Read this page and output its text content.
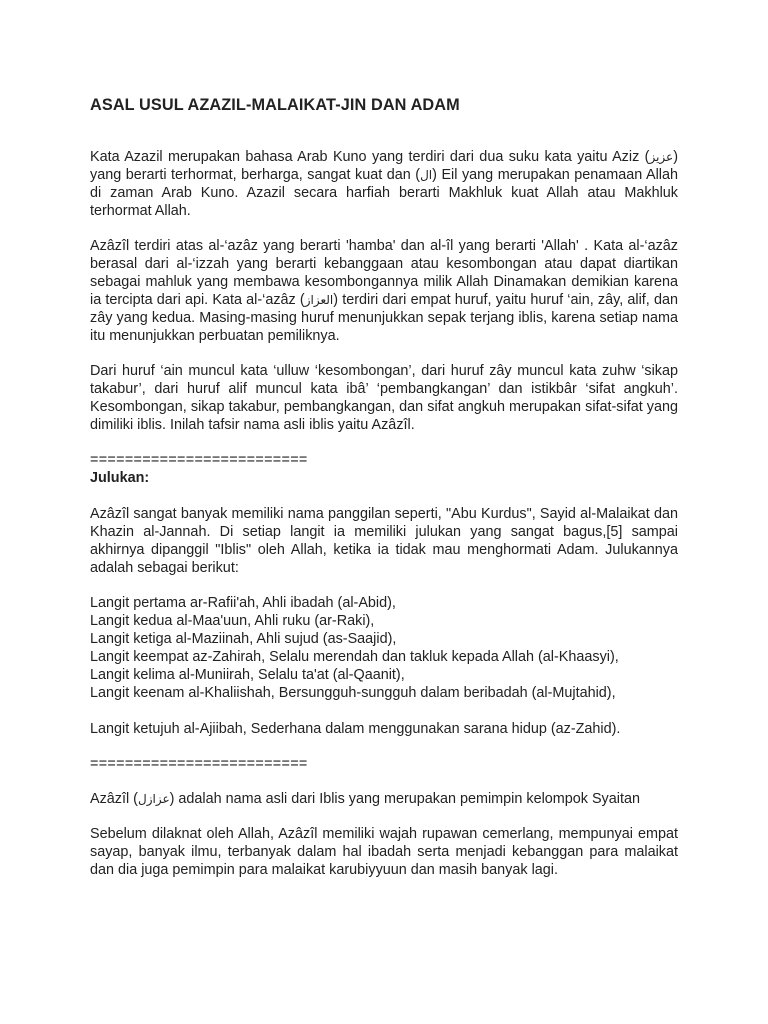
ASAL USUL AZAZIL-MALAIKAT-JIN DAN ADAM

Kata Azazil merupakan bahasa Arab Kuno yang terdiri dari dua suku kata yaitu Aziz (عزيز) yang berarti terhormat, berharga, sangat kuat dan (ال) Eil yang merupakan penamaan Allah di zaman Arab Kuno. Azazil secara harfiah berarti Makhluk kuat Allah atau Makhluk terhormat Allah.

Azâzîl terdiri atas al-‘azâz yang berarti 'hamba' dan al-îl yang berarti 'Allah' . Kata al-‘azâz berasal dari al-‘izzah yang berarti kebanggaan atau kesombongan atau dapat diartikan sebagai mahluk yang membawa kesombongannya milik Allah Dinamakan demikian karena ia tercipta dari api. Kata al-‘azâz (العزاز) terdiri dari empat huruf, yaitu huruf ‘ain, zây, alif, dan zây yang kedua. Masing-masing huruf menunjukkan sepak terjang iblis, karena setiap nama itu menunjukkan perbuatan pemiliknya.

Dari huruf ‘ain muncul kata ‘ulluw ‘kesombongan’, dari huruf zây muncul kata zuhw ‘sikap takabur’, dari huruf alif muncul kata ibâ’ ‘pembangkangan’ dan istikbâr ‘sifat angkuh’. Kesombongan, sikap takabur, pembangkangan, dan sifat angkuh merupakan sifat-sifat yang dimiliki iblis. Inilah tafsir nama asli iblis yaitu Azâzîl.

=========================

Julukan:

Azâzîl sangat banyak memiliki nama panggilan seperti, "Abu Kurdus", Sayid al-Malaikat dan Khazin al-Jannah. Di setiap langit ia memiliki julukan yang sangat bagus,[5] sampai akhirnya dipanggil "Iblis" oleh Allah, ketika ia tidak mau menghormati Adam. Julukannya adalah sebagai berikut:

Langit pertama ar-Rafii'ah, Ahli ibadah (al-Abid),
Langit kedua al-Maa'uun, Ahli ruku (ar-Raki),
Langit ketiga al-Maziinah, Ahli sujud (as-Saajid),
Langit keempat az-Zahirah, Selalu merendah dan takluk kepada Allah (al-Khaasyi),
Langit kelima al-Muniirah, Selalu ta'at (al-Qaanit),
Langit keenam al-Khaliishah, Bersungguh-sungguh dalam beribadah (al-Mujtahid),

Langit ketujuh al-Ajiibah, Sederhana dalam menggunakan sarana hidup (az-Zahid).

=========================

Azâzîl (عزازل) adalah nama asli dari Iblis yang merupakan pemimpin kelompok Syaitan

Sebelum dilaknat oleh Allah, Azâzîl memiliki wajah rupawan cemerlang, mempunyai empat sayap, banyak ilmu, terbanyak dalam hal ibadah serta menjadi kebanggan para malaikat dan dia juga pemimpin para malaikat karubiyyuun dan masih banyak lagi.
